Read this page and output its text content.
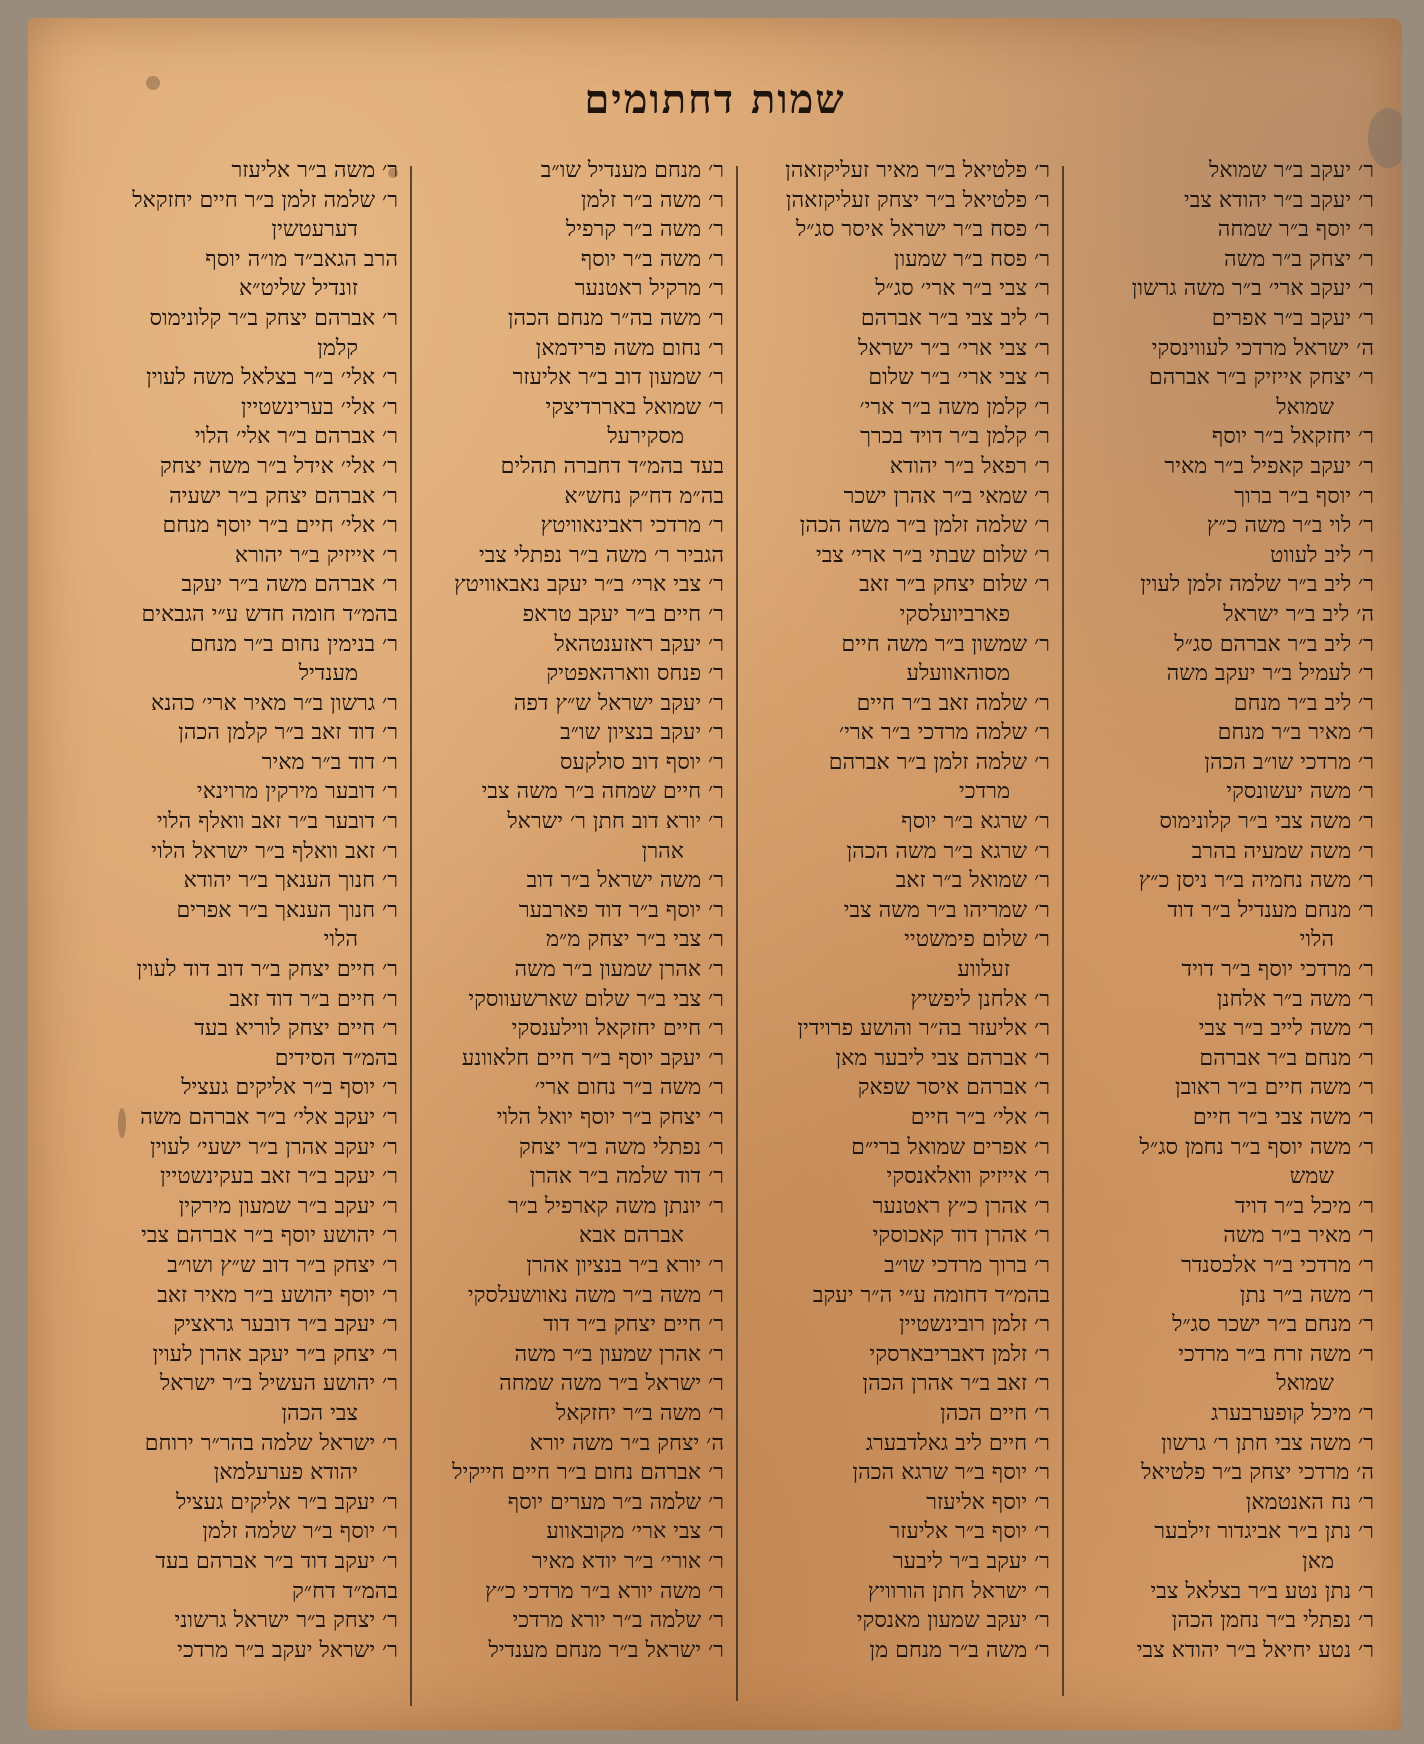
שמות דחתומים
ר׳ יעקב ב״ר שמואל
ר׳ יעקב ב״ר יהודא צבי
ר׳ יוסף ב״ר שמחה
ר׳ יצחק ב״ר משה
ר׳ יעקב ארי׳ ב״ר משה גרשון
ר׳ יעקב ב״ר אפרים
ה׳ ישראל מרדכי לעווינסקי
ר׳ יצחק אייזיק ב״ר אברהם
שמואל
ר׳ יחזקאל ב״ר יוסף
ר׳ יעקב קאפיל ב״ר מאיר
ר׳ יוסף ב״ר ברוך
ר׳ לוי ב״ר משה כ״ץ
ר׳ ליב לעווט
ר׳ ליב ב״ר שלמה זלמן לעוין
ה׳ ליב ב״ר ישראל
ר׳ ליב ב״ר אברהם סג״ל
ר׳ לעמיל ב״ר יעקב משה
ר׳ ליב ב״ר מנחם
ר׳ מאיר ב״ר מנחם
ר׳ מרדכי שו״ב הכהן
ר׳ משה יעשונסקי
ר׳ משה צבי ב״ר קלונימוס
ר׳ משה שמעיה בהרב
ר׳ משה נחמיה ב״ר ניסן כ״ץ
ר׳ מנחם מענדיל ב״ר דוד
הלוי
ר׳ מרדכי יוסף ב״ר דויד
ר׳ משה ב״ר אלחנן
ר׳ משה לייב ב״ר צבי
ר׳ מנחם ב״ר אברהם
ר׳ משה חיים ב״ר ראובן
ר׳ משה צבי ב״ר חיים
ר׳ משה יוסף ב״ר נחמן סג״ל
שמש
ר׳ מיכל ב״ר דויד
ר׳ מאיר ב״ר משה
ר׳ מרדכי ב״ר אלכסנדר
ר׳ משה ב״ר נתן
ר׳ מנחם ב״ר ישכר סג״ל
ר׳ משה זרח ב״ר מרדכי
שמואל
ר׳ מיכל קופערבערג
ר׳ משה צבי חתן ר׳ גרשון
ה׳ מרדכי יצחק ב״ר פלטיאל
ר׳ נח האנטמאן
ר׳ נתן ב״ר אביגדור זילבער
מאן
ר׳ נתן נטע ב״ר בצלאל צבי
ר׳ נפתלי ב״ר נחמן הכהן
ר׳ נטע יחיאל ב״ר יהודא צבי
ר׳ פלטיאל ב״ר מאיר זעליקזאהן
ר׳ פלטיאל ב״ר יצחק זעליקזאהן
ר׳ פסח ב״ר ישראל איסר סג״ל
ר׳ פסח ב״ר שמעון
ר׳ צבי ב״ר ארי׳ סג״ל
ר׳ ליב צבי ב״ר אברהם
ר׳ צבי ארי׳ ב״ר ישראל
ר׳ צבי ארי׳ ב״ר שלום
ר׳ קלמן משה ב״ר ארי׳
ר׳ קלמן ב״ר דויד בכרך
ר׳ רפאל ב״ר יהודא
ר׳ שמאי ב״ר אהרן ישכר
ר׳ שלמה זלמן ב״ר משה הכהן
ר׳ שלום שבתי ב״ר ארי׳ צבי
ר׳ שלום יצחק ב״ר זאב
פארביועלסקי
ר׳ שמשון ב״ר משה חיים
מסוהאוועלע
ר׳ שלמה זאב ב״ר חיים
ר׳ שלמה מרדכי ב״ר ארי׳
ר׳ שלמה זלמן ב״ר אברהם
מרדכי
ר׳ שרגא ב״ר יוסף
ר׳ שרגא ב״ר משה הכהן
ר׳ שמואל ב״ר זאב
ר׳ שמריהו ב״ר משה צבי
ר׳ שלום פימשטיי
זעלווע
ר׳ אלחנן ליפשיץ
ר׳ אליעזר בה״ר והושע פרוידין
ר׳ אברהם צבי ליבער מאן
ר׳ אברהם איסר שפאק
ר׳ אלי׳ ב״ר חיים
ר׳ אפרים שמואל ברי״ם
ר׳ אייזיק וואלאנסקי
ר׳ אהרן כ״ץ ראטנער
ר׳ אהרן דוד קאכוסקי
ר׳ ברוך מרדכי שו״ב
בהמ״ד דחומה ע״י ה״ר יעקב
ר׳ זלמן רובינשטיין
ר׳ זלמן דאבריבארסקי
ר׳ זאב ב״ר אהרן הכהן
ר׳ חיים הכהן
ר׳ חיים ליב גאלדבערג
ר׳ יוסף ב״ר שרגא הכהן
ר׳ יוסף אליעזר
ר׳ יוסף ב״ר אליעזר
ר׳ יעקב ב״ר ליבער
ר׳ ישראל חתן הורוויץ
ר׳ יעקב שמעון מאנסקי
ר׳ משה ב״ר מנחם מן
ר׳ מנחם מענדיל שו״ב
ר׳ משה ב״ר זלמן
ר׳ משה ב״ר קרפיל
ר׳ משה ב״ר יוסף
ר׳ מרקיל ראטנער
ר׳ משה בה״ר מנחם הכהן
ר׳ נחום משה פרידמאן
ר׳ שמעון דוב ב״ר אליעזר
ר׳ שמואל באררדיצקי
מסקירעל
בעד בהמ״ד דחברה תהלים
בה״מ דח״ק נחש״א
ר׳ מרדכי ראבינאוויטץ
הגביר ר׳ משה ב״ר נפתלי צבי
ר׳ צבי ארי׳ ב״ר יעקב נאבאוויטץ
ר׳ חיים ב״ר יעקב טראפ
ר׳ יעקב ראזענטהאל
ר׳ פנחס ווארהאפטיק
ר׳ יעקב ישראל ש״ץ דפה
ר׳ יעקב בנציון שו״ב
ר׳ יוסף דוב סולקעס
ר׳ חיים שמחה ב״ר משה צבי
ר׳ יורא דוב חתן ר׳ ישראל
אהרן
ר׳ משה ישראל ב״ר דוב
ר׳ יוסף ב״ר דוד פארבער
ר׳ צבי ב״ר יצחק מ״מ
ר׳ אהרן שמעון ב״ר משה
ר׳ צבי ב״ר שלום שארשעווסקי
ר׳ חיים יחזקאל ווילענסקי
ר׳ יעקב יוסף ב״ר חיים חלאוונע
ר׳ משה ב״ר נחום ארי׳
ר׳ יצחק ב״ר יוסף יואל הלוי
ר׳ נפתלי משה ב״ר יצחק
ר׳ דוד שלמה ב״ר אהרן
ר׳ יונתן משה קארפיל ב״ר
אברהם אבא
ר׳ יורא ב״ר בנציון אהרן
ר׳ משה ב״ר משה נאוושעלסקי
ר׳ חיים יצחק ב״ר דוד
ר׳ אהרן שמעון ב״ר משה
ר׳ ישראל ב״ר משה שמחה
ר׳ משה ב״ר יחזקאל
ה׳ יצחק ב״ר משה יורא
ר׳ אברהם נחום ב״ר חיים חייקיל
ר׳ שלמה ב״ר מערים יוסף
ר׳ צבי ארי׳ מקובאווע
ר׳ אורי׳ ב״ר יודא מאיר
ר׳ משה יורא ב״ר מרדכי כ״ץ
ר׳ שלמה ב״ר יורא מרדכי
ר׳ ישראל ב״ר מנחם מענדיל
ר׳ משה ב״ר אליעזר
ר׳ שלמה זלמן ב״ר חיים יחזקאל
דערעטשין
הרב הגאב״ד מו״ה יוסף
זונדיל שליט״א
ר׳ אברהם יצחק ב״ר קלונימוס
קלמן
ר׳ אלי׳ ב״ר בצלאל משה לעוין
ר׳ אלי׳ בערינשטיין
ר׳ אברהם ב״ר אלי׳ הלוי
ר׳ אלי׳ אידל ב״ר משה יצחק
ר׳ אברהם יצחק ב״ר ישעיה
ר׳ אלי׳ חיים ב״ר יוסף מנחם
ר׳ אייזיק ב״ר יהורא
ר׳ אברהם משה ב״ר יעקב
בהמ״ד חומה חדש ע״י הגבאים
ר׳ בנימין נחום ב״ר מנחם
מענדיל
ר׳ גרשון ב״ר מאיר ארי׳ כהנא
ר׳ דוד זאב ב״ר קלמן הכהן
ר׳ דוד ב״ר מאיר
ר׳ דובער מירקין מרוינאי
ר׳ דובער ב״ר זאב וואלף הלוי
ר׳ זאב וואלף ב״ר ישראל הלוי
ר׳ חנוך הענאך ב״ר יהודא
ר׳ חנוך הענאך ב״ר אפרים
הלוי
ר׳ חיים יצחק ב״ר דוב דוד לעוין
ר׳ חיים ב״ר דוד זאב
ר׳ חיים יצחק לוריא בעד
בהמ״ד הסידים
ר׳ יוסף ב״ר אליקים געציל
ר׳ יעקב אלי׳ ב״ר אברהם משה
ר׳ יעקב אהרן ב״ר ישעי׳ לעוין
ר׳ יעקב ב״ר זאב בעקינשטיין
ר׳ יעקב ב״ר שמעון מירקין
ר׳ יהושע יוסף ב״ר אברהם צבי
ר׳ יצחק ב״ר דוב ש״ץ ושו״ב
ר׳ יוסף יהושע ב״ר מאיר זאב
ר׳ יעקב ב״ר דובער גראציק
ר׳ יצחק ב״ר יעקב אהרן לעוין
ר׳ יהושע העשיל ב״ר ישראל
צבי הכהן
ר׳ ישראל שלמה בהר״ר ירוחם
יהודא פערעלמאן
ר׳ יעקב ב״ר אליקים געציל
ר׳ יוסף ב״ר שלמה זלמן
ר׳ יעקב דוד ב״ר אברהם בעד
בהמ״ד דח״ק
ר׳ יצחק ב״ר ישראל גרשוני
ר׳ ישראל יעקב ב״ר מרדכי
